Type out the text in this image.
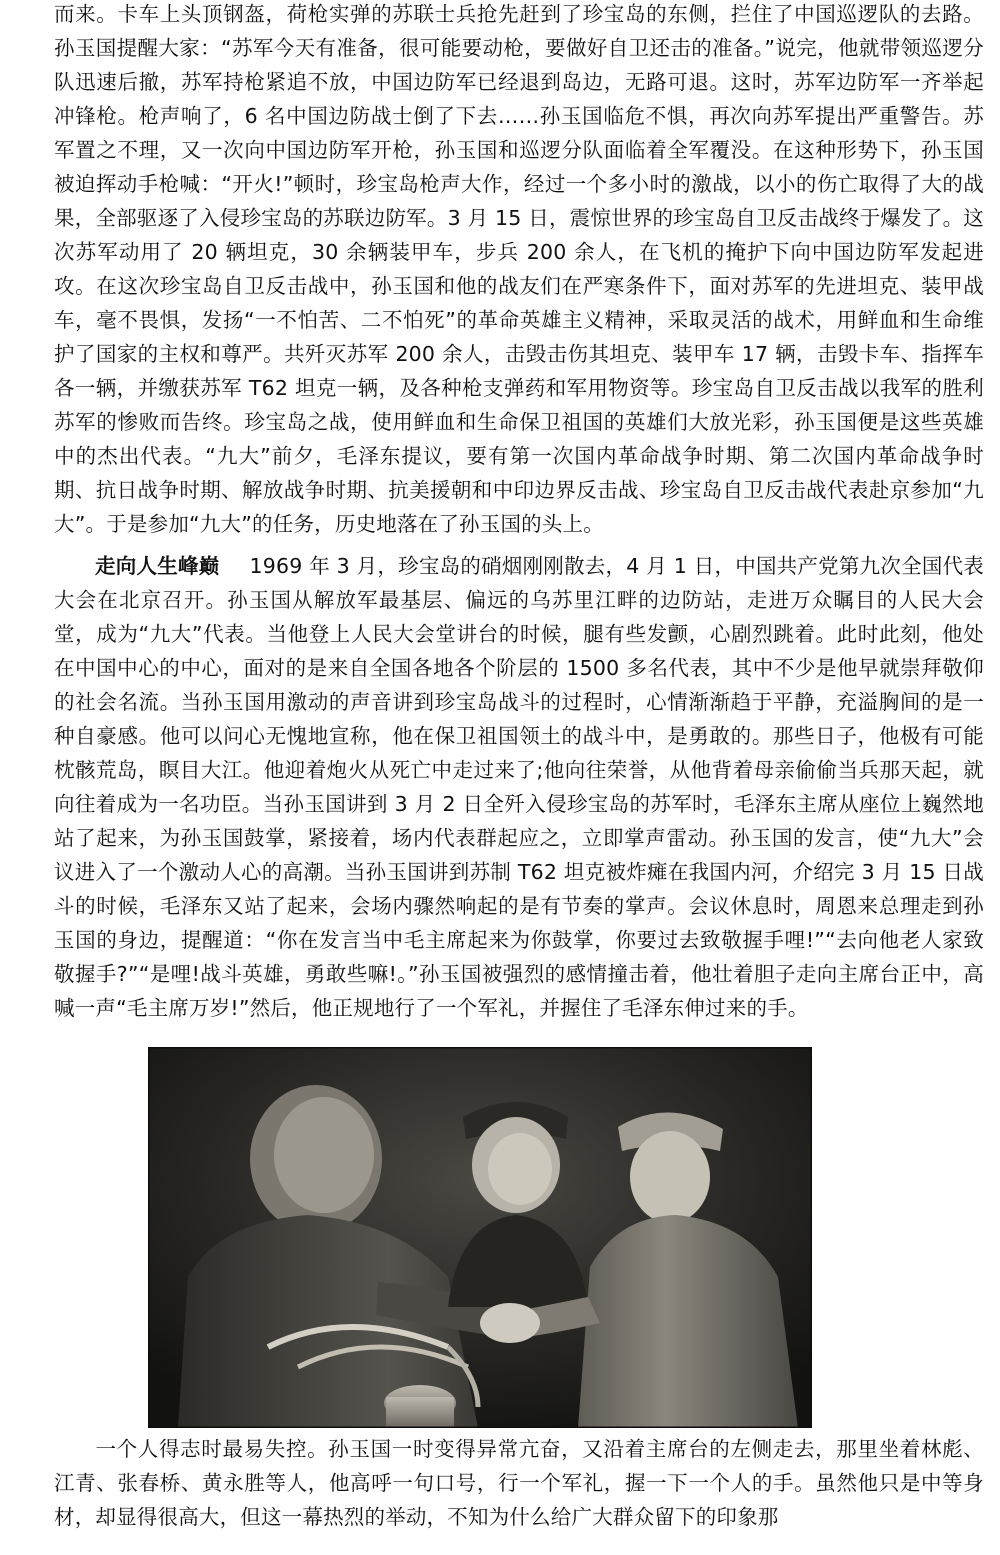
而来。卡车上头顶钢盔，荷枪实弹的苏联士兵抢先赶到了珍宝岛的东侧，拦住了中国巡逻队的去路。孙玉国提醒大家：“苏军今天有准备，很可能要动枪，要做好自卫还击的准备。”说完，他就带领巡逻分队迅速后撤，苏军持枪紧追不放，中国边防军已经退到岛边，无路可退。这时，苏军边防军一齐举起冲锋枪。枪声响了，6 名中国边防战士倒了下去……孙玉国临危不惧，再次向苏军提出严重警告。苏军置之不理，又一次向中国边防军开枪，孙玉国和巡逻分队面临着全军覆没。在这种形势下，孙玉国被迫挥动手枪喊：“开火!”顿时，珍宝岛枪声大作，经过一个多小时的激战，以小的伤亡取得了大的战果，全部驱逐了入侵珍宝岛的苏联边防军。3 月 15 日，震惊世界的珍宝岛自卫反击战终于爆发了。这次苏军动用了 20 辆坦克，30 余辆装甲车，步兵 200 余人，在飞机的掩护下向中国边防军发起进攻。在这次珍宝岛自卫反击战中，孙玉国和他的战友们在严寒条件下，面对苏军的先进坦克、装甲战车，毫不畏惧，发扬“一不怕苦、二不怕死”的革命英雄主义精神，采取灵活的战术，用鲜血和生命维护了国家的主权和尊严。共歼灭苏军 200 余人，击毁击伤其坦克、装甲车 17 辆，击毁卡车、指挥车各一辆，并缴获苏军 T62 坦克一辆，及各种枪支弹药和军用物资等。珍宝岛自卫反击战以我军的胜利苏军的惨败而告终。珍宝岛之战，使用鲜血和生命保卫祖国的英雄们大放光彩，孙玉国便是这些英雄中的杰出代表。“九大”前夕，毛泽东提议，要有第一次国内革命战争时期、第二次国内革命战争时期、抗日战争时期、解放战争时期、抗美援朝和中印边界反击战、珍宝岛自卫反击战代表赴京参加“九大”。于是参加“九大”的任务，历史地落在了孙玉国的头上。

走向人生峰巅 1969 年 3 月，珍宝岛的硝烟刚刚散去，4 月 1 日，中国共产党第九次全国代表大会在北京召开。孙玉国从解放军最基层、偏远的乌苏里江畔的边防站，走进万众瞩目的人民大会堂，成为“九大”代表。当他登上人民大会堂讲台的时候，腿有些发颤，心剧烈跳着。此时此刻，他处在中国中心的中心，面对的是来自全国各地各个阶层的 1500 多名代表，其中不少是他早就崇拜敬仰的社会名流。当孙玉国用激动的声音讲到珍宝岛战斗的过程时，心情渐渐趋于平静，充溢胸间的是一种自豪感。他可以问心无愧地宣称，他在保卫祖国领土的战斗中，是勇敢的。那些日子，他极有可能枕骸荒岛，瞑目大江。他迎着炮火从死亡中走过来了;他向往荣誉，从他背着母亲偷偷当兵那天起，就向往着成为一名功臣。当孙玉国讲到 3 月 2 日全歼入侵珍宝岛的苏军时，毛泽东主席从座位上巍然地站了起来，为孙玉国鼓掌，紧接着，场内代表群起应之，立即掌声雷动。孙玉国的发言，使“九大”会议进入了一个激动人心的高潮。当孙玉国讲到苏制 T62 坦克被炸瘫在我国内河，介绍完 3 月 15 日战斗的时候，毛泽东又站了起来，会场内骤然响起的是有节奏的掌声。会议休息时，周恩来总理走到孙玉国的身边，提醒道：“你在发言当中毛主席起来为你鼓掌，你要过去致敬握手哩!”“去向他老人家致敬握手?”“是哩!战斗英雄，勇敢些嘛!。”孙玉国被强烈的感情撞击着，他壮着胆子走向主席台正中，高喊一声“毛主席万岁!”然后，他正规地行了一个军礼，并握住了毛泽东伸过来的手。

一个人得志时最易失控。孙玉国一时变得异常亢奋，又沿着主席台的左侧走去，那里坐着林彪、江青、张春桥、黄永胜等人，他高呼一句口号，行一个军礼，握一下一个人的手。虽然他只是中等身材，却显得很高大，但这一幕热烈的举动，不知为什么给广大群众留下的印象那
